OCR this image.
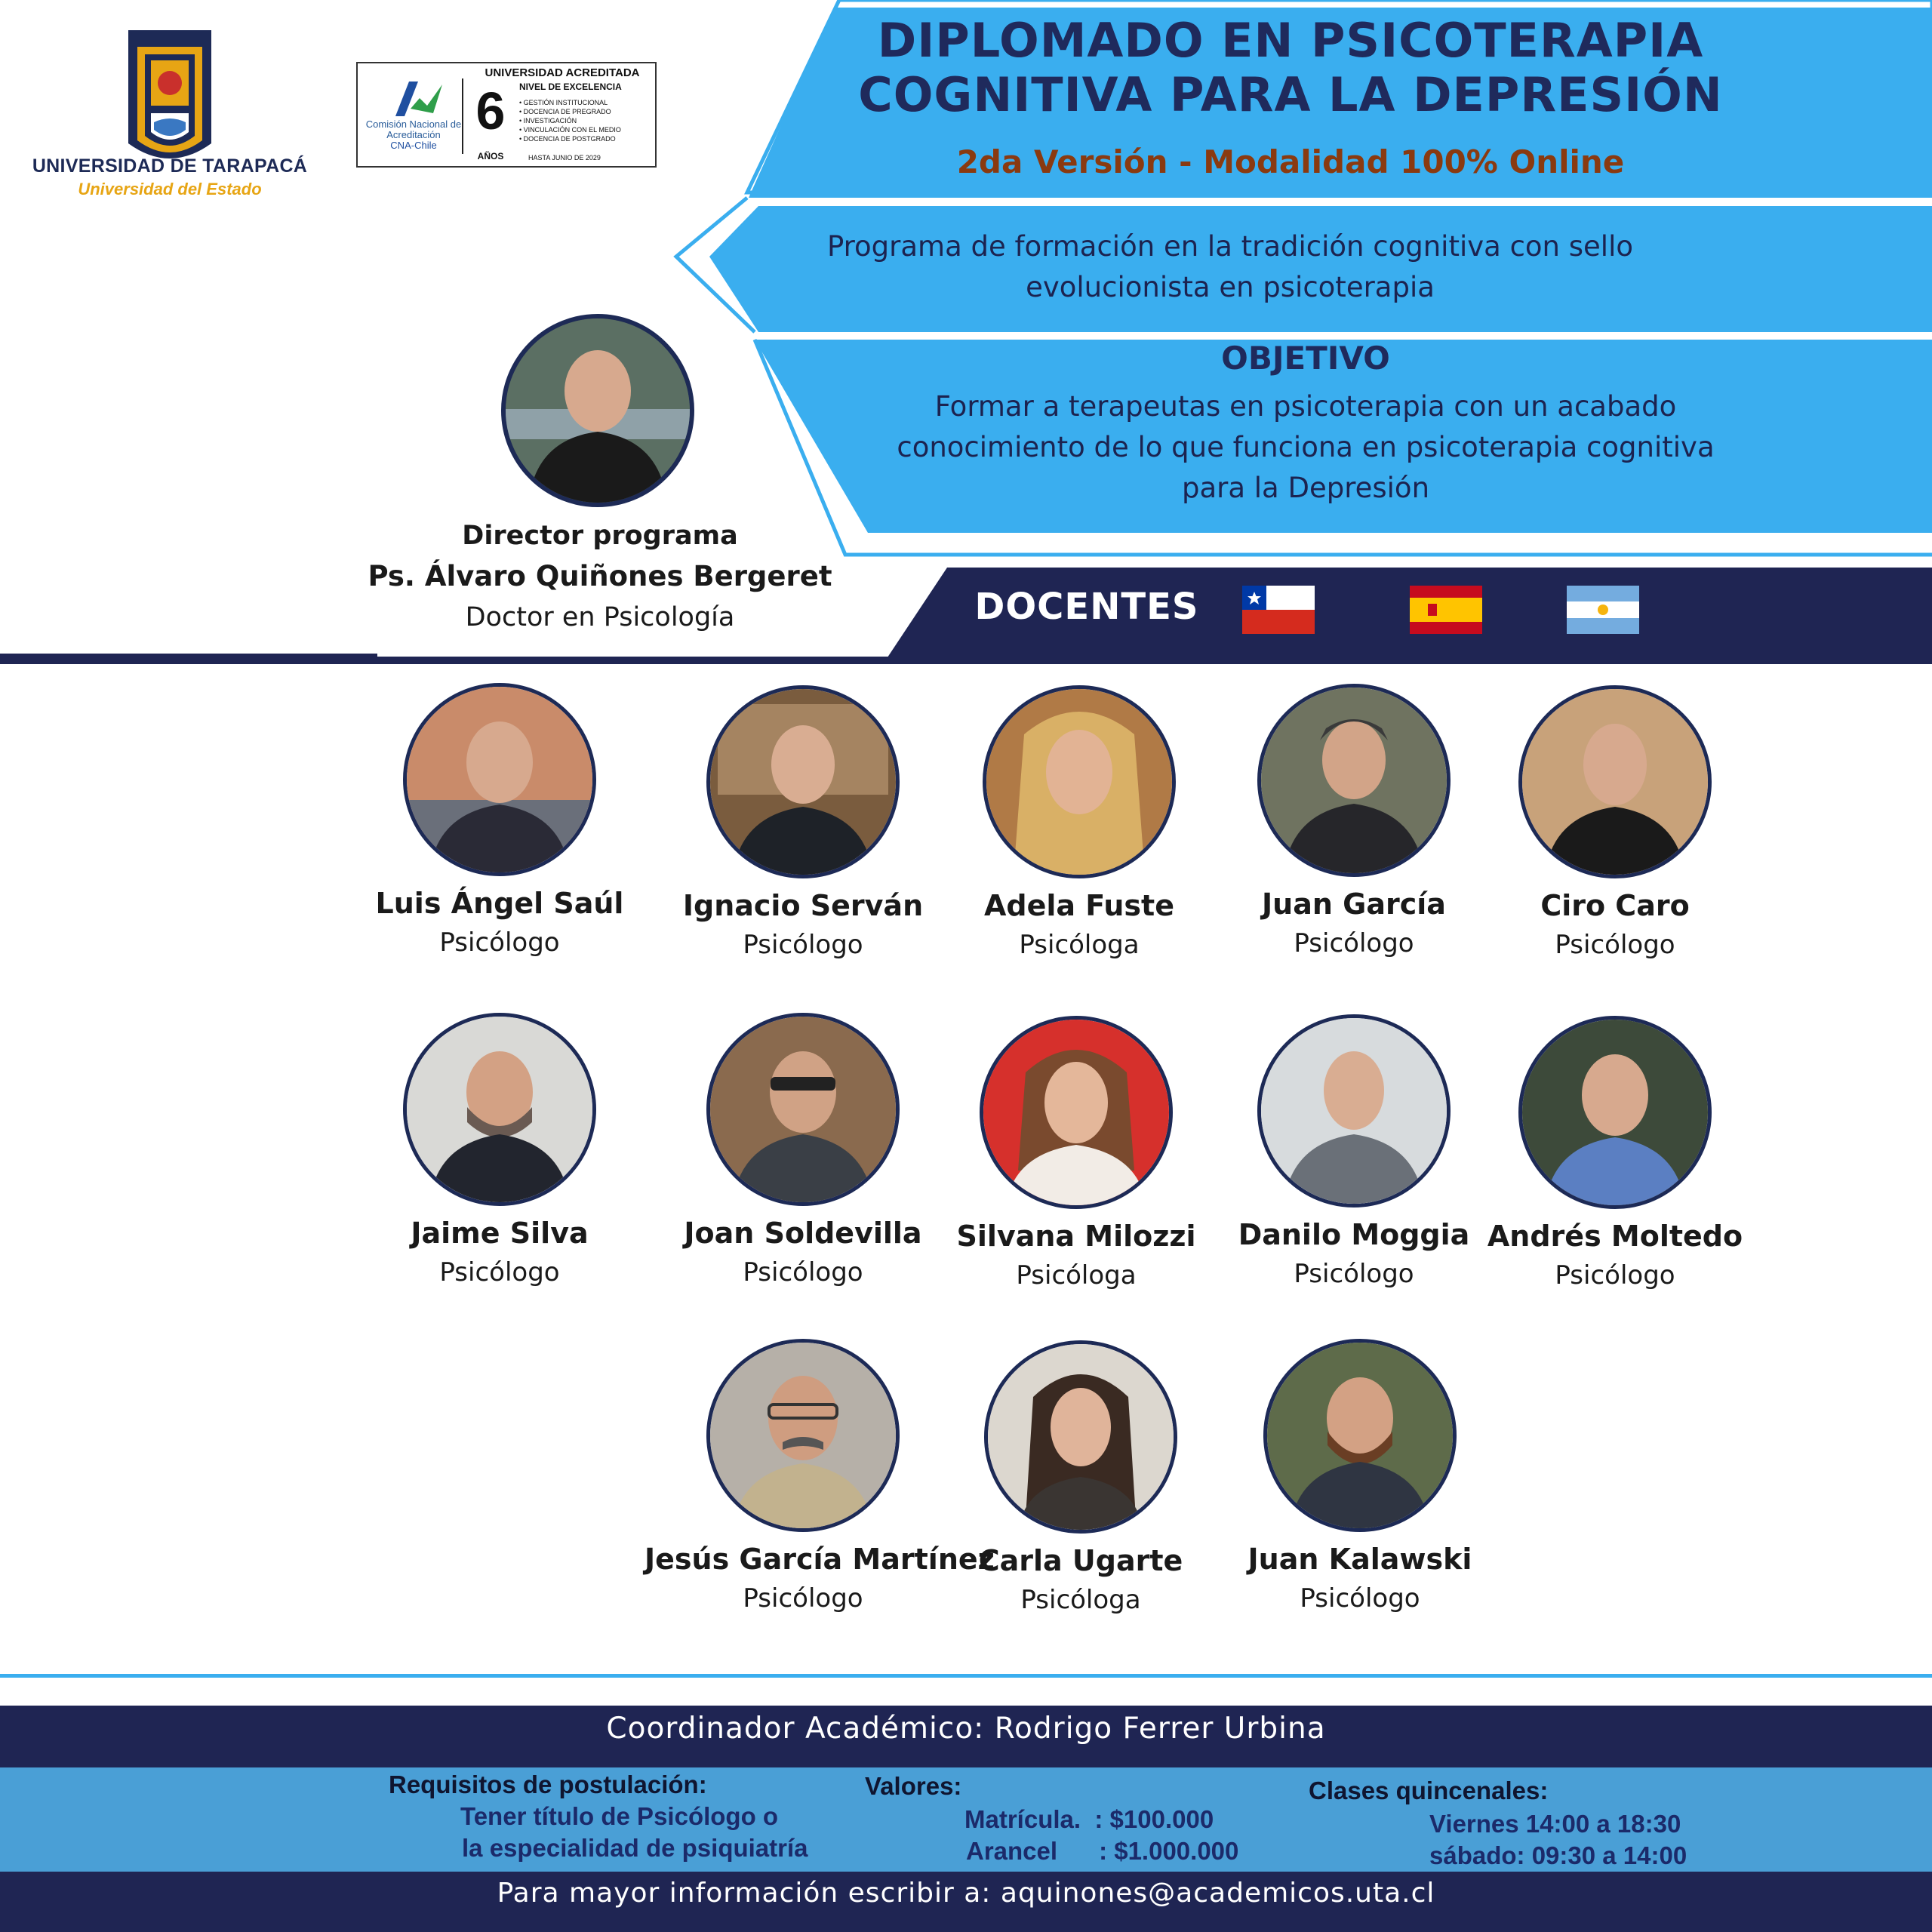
UNIVERSIDAD DE TARAPACÁ
Universidad del Estado
Comisión Nacional de Acreditación
CNA-Chile
6
AÑOS
UNIVERSIDAD ACREDITADA
NIVEL DE EXCELENCIA
• GESTIÓN INSTITUCIONAL
• DOCENCIA DE PREGRADO
• INVESTIGACIÓN
• VINCULACIÓN CON EL MEDIO
• DOCENCIA DE POSTGRADO
HASTA JUNIO DE 2029
DIPLOMADO EN PSICOTERAPIA
COGNITIVA PARA LA DEPRESIÓN
2da Versión - Modalidad 100% Online
Programa de formación en la tradición cognitiva con sello
evolucionista en psicoterapia
OBJETIVO
Formar a terapeutas en psicoterapia con un acabado
conocimiento de lo que funciona en psicoterapia cognitiva
para la Depresión
Director programa
Ps. Álvaro Quiñones Bergeret
Doctor en Psicología	DOCENTES
Luis Ángel Saúl
Psicólogo
Ignacio Serván
Psicólogo
Adela Fuste
Psicóloga
Juan García
Psicólogo
Ciro Caro
Psicólogo
Jaime Silva
Psicólogo
Joan Soldevilla
Psicólogo
Silvana Milozzi
Psicóloga
Danilo Moggia
Psicólogo
Andrés Moltedo
Psicólogo
Jesús García Martínez
Psicólogo
Carla Ugarte
Psicóloga
Juan Kalawski
Psicólogo
Coordinador Académico: Rodrigo Ferrer Urbina
Requisitos de postulación:
Tener título de Psicólogo o
la especialidad de psiquiatría
Valores:
Matrícula.  : $100.000
Arancel      : $1.000.000
Clases quincenales:
Viernes 14:00 a 18:30
sábado: 09:30 a 14:00
Para mayor información escribir a: aquinones@academicos.uta.cl
